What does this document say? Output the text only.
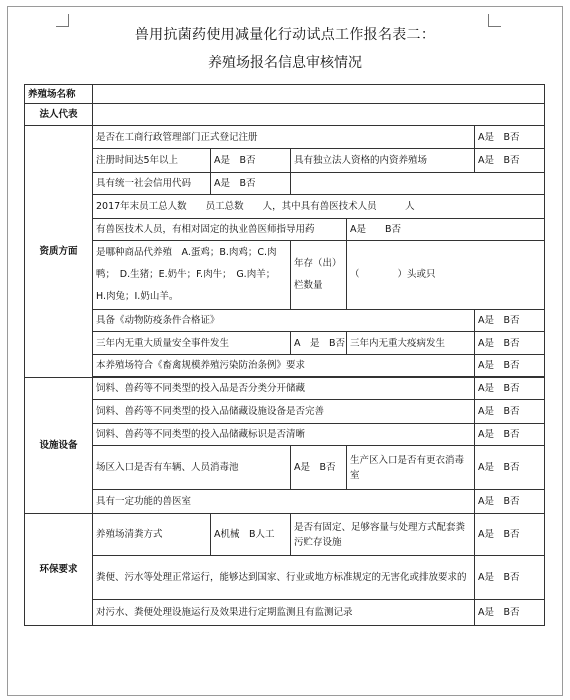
兽用抗菌药使用减量化行动试点工作报名表二：
养殖场报名信息审核情况
养殖场名称					
法人代表					
资质方面	是否在工商行政管理部门正式登记注册				A是　B否
	注册时间达5年以上	A是　B否	具有独立法人资格的内资养殖场		A是　B否
	具有统一社会信用代码	A是　B否			
	2017年末员工总人数　　员工总数　　人，其中具有兽医技术人员　　　人				
	有兽医技术人员，有相对固定的执业兽医师指导用药			A是　　B否	
	是哪种商品代养殖　A.蛋鸡；B.肉鸡；C.肉鸭；　D.生猪；E.奶牛；F.肉牛；　G.肉羊；　H.肉兔；I.奶山羊。		年存（出）栏数量	（　　　　）头或只	
	具备《动物防疫条件合格证》				A是　B否
	三年内无重大质量安全事件发生		A　是　B否	三年内无重大疫病发生	A是　B否
	本养殖场符合《畜禽规模养殖污染防治条例》要求				A是　B否

设施设备	饲料、兽药等不同类型的投入品是否分类分开储藏				A是　B否
	饲料、兽药等不同类型的投入品储藏设施设备是否完善				A是　B否
	饲料、兽药等不同类型的投入品储藏标识是否清晰				A是　B否
	场区入口是否有车辆、人员消毒池		A是　B否	生产区入口是否有更衣消毒室	A是　B否
	具有一定功能的兽医室				A是　B否
环保要求	养殖场清粪方式	A机械　B人工	是否有固定、足够容量与处理方式配套粪污贮存设施		A是　B否
	粪便、污水等处理正常运行，能够达到国家、行业或地方标准规定的无害化或排放要求的				A是　B否
	对污水、粪便处理设施运行及效果进行定期监测且有监测记录				A是　B否
